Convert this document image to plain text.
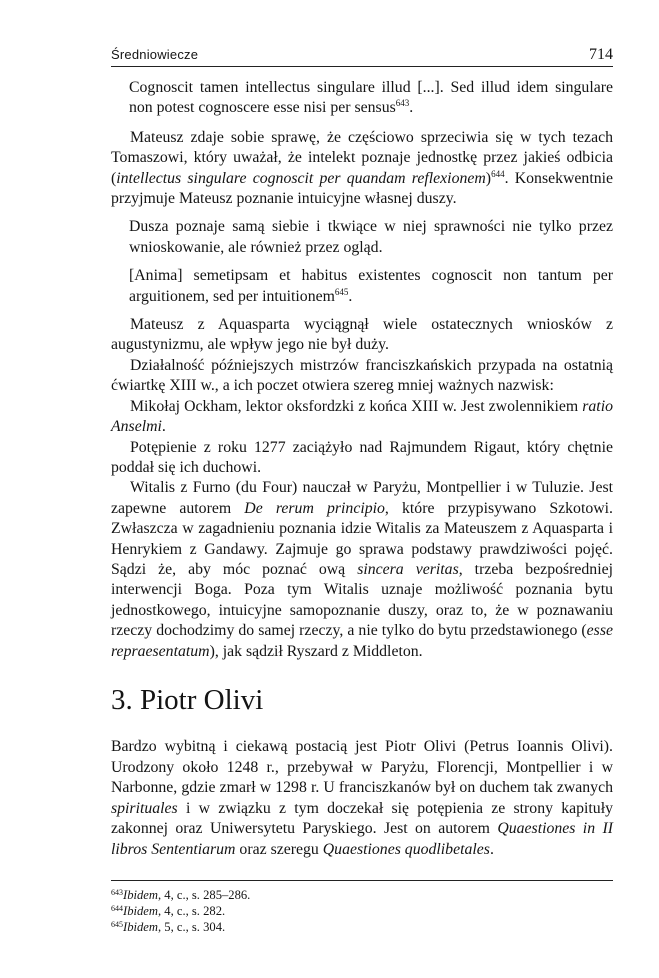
Średniowiecze	714

Cognoscit tamen intellectus singulare illud [...]. Sed illud idem singulare non potest cognoscere esse nisi per sensus$^{643}$.

Mateusz zdaje sobie sprawę, że częściowo sprzeciwia się w tych tezach Tomaszowi, który uważał, że intelekt poznaje jednostkę przez jakieś odbicia (intellectus singulare cognoscit per quandam reflexionem)$^{644}$. Konsekwentnie przyjmuje Mateusz poznanie intuicyjne własnej duszy.

Dusza poznaje samą siebie i tkwiące w niej sprawności nie tylko przez wnioskowanie, ale również przez ogląd.

[Anima] semetipsam et habitus existentes cognoscit non tantum per arguitionem, sed per intuitionem$^{645}$.

Mateusz z Aquasparta wyciągnął wiele ostatecznych wniosków z augustynizmu, ale wpływ jego nie był duży.

Działalność późniejszych mistrzów franciszkańskich przypada na ostatnią ćwiartkę XIII w., a ich poczet otwiera szereg mniej ważnych nazwisk:

Mikołaj Ockham, lektor oksfordzki z końca XIII w. Jest zwolennikiem ratio Anselmi.

Potępienie z roku 1277 zaciążyło nad Rajmundem Rigaut, który chętnie poddał się ich duchowi.

Witalis z Furno (du Four) nauczał w Paryżu, Montpellier i w Tuluzie. Jest zapewne autorem De rerum principio, które przypisywano Szkotowi. Zwłaszcza w zagadnieniu poznania idzie Witalis za Mateuszem z Aquasparta i Henrykiem z Gandawy. Zajmuje go sprawa podstawy prawdziwości pojęć. Sądzi że, aby móc poznać ową sincera veritas, trzeba bezpośredniej interwencji Boga. Poza tym Witalis uznaje możliwość poznania bytu jednostkowego, intuicyjne samopoznanie duszy, oraz to, że w poznawaniu rzeczy dochodzimy do samej rzeczy, a nie tylko do bytu przedstawionego (esse repraesentatum), jak sądził Ryszard z Middleton.

3. Piotr Olivi

Bardzo wybitną i ciekawą postacią jest Piotr Olivi (Petrus Ioannis Olivi). Urodzony około 1248 r., przebywał w Paryżu, Florencji, Montpellier i w Narbonne, gdzie zmarł w 1298 r. U franciszkanów był on duchem tak zwanych spirituales i w związku z tym doczekał się potępienia ze strony kapituły zakonnej oraz Uniwersytetu Paryskiego. Jest on autorem Quaestiones in II libros Sententiarum oraz szeregu Quaestiones quodlibetales.

$^{643}$Ibidem, 4, c., s. 285–286.
$^{644}$Ibidem, 4, c., s. 282.
$^{645}$Ibidem, 5, c., s. 304.
